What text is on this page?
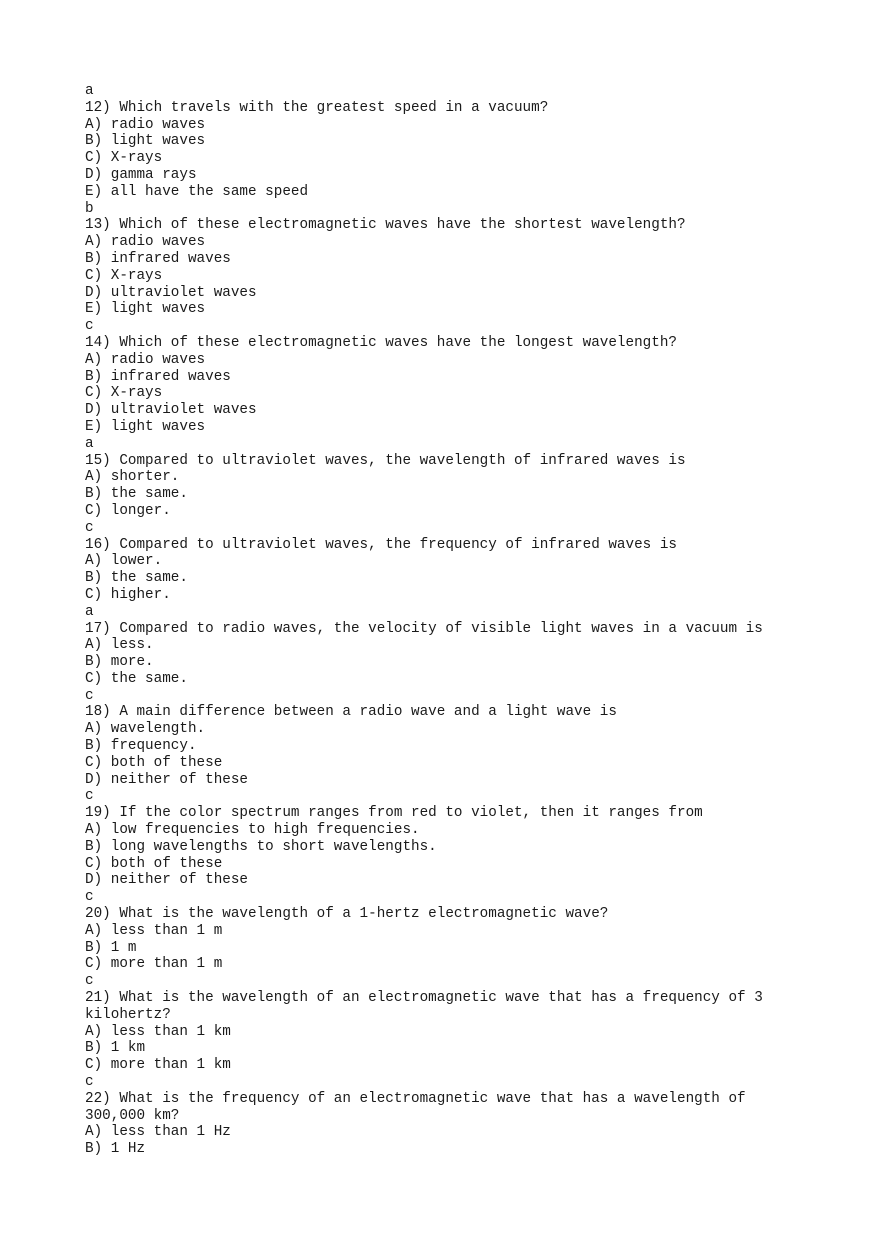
a
12) Which travels with the greatest speed in a vacuum?
A) radio waves
B) light waves
C) X-rays
D) gamma rays
E) all have the same speed
b
13) Which of these electromagnetic waves have the shortest wavelength?
A) radio waves
B) infrared waves
C) X-rays
D) ultraviolet waves
E) light waves
c
14) Which of these electromagnetic waves have the longest wavelength?
A) radio waves
B) infrared waves
C) X-rays
D) ultraviolet waves
E) light waves
a
15) Compared to ultraviolet waves, the wavelength of infrared waves is
A) shorter.
B) the same.
C) longer.
c
16) Compared to ultraviolet waves, the frequency of infrared waves is
A) lower.
B) the same.
C) higher.
a
17) Compared to radio waves, the velocity of visible light waves in a vacuum is
A) less.
B) more.
C) the same.
c
18) A main difference between a radio wave and a light wave is
A) wavelength.
B) frequency.
C) both of these
D) neither of these
c
19) If the color spectrum ranges from red to violet, then it ranges from
A) low frequencies to high frequencies.
B) long wavelengths to short wavelengths.
C) both of these
D) neither of these
c
20) What is the wavelength of a 1-hertz electromagnetic wave?
A) less than 1 m
B) 1 m
C) more than 1 m
c
21) What is the wavelength of an electromagnetic wave that has a frequency of 3
kilohertz?
A) less than 1 km
B) 1 km
C) more than 1 km
c
22) What is the frequency of an electromagnetic wave that has a wavelength of
300,000 km?
A) less than 1 Hz
B) 1 Hz
